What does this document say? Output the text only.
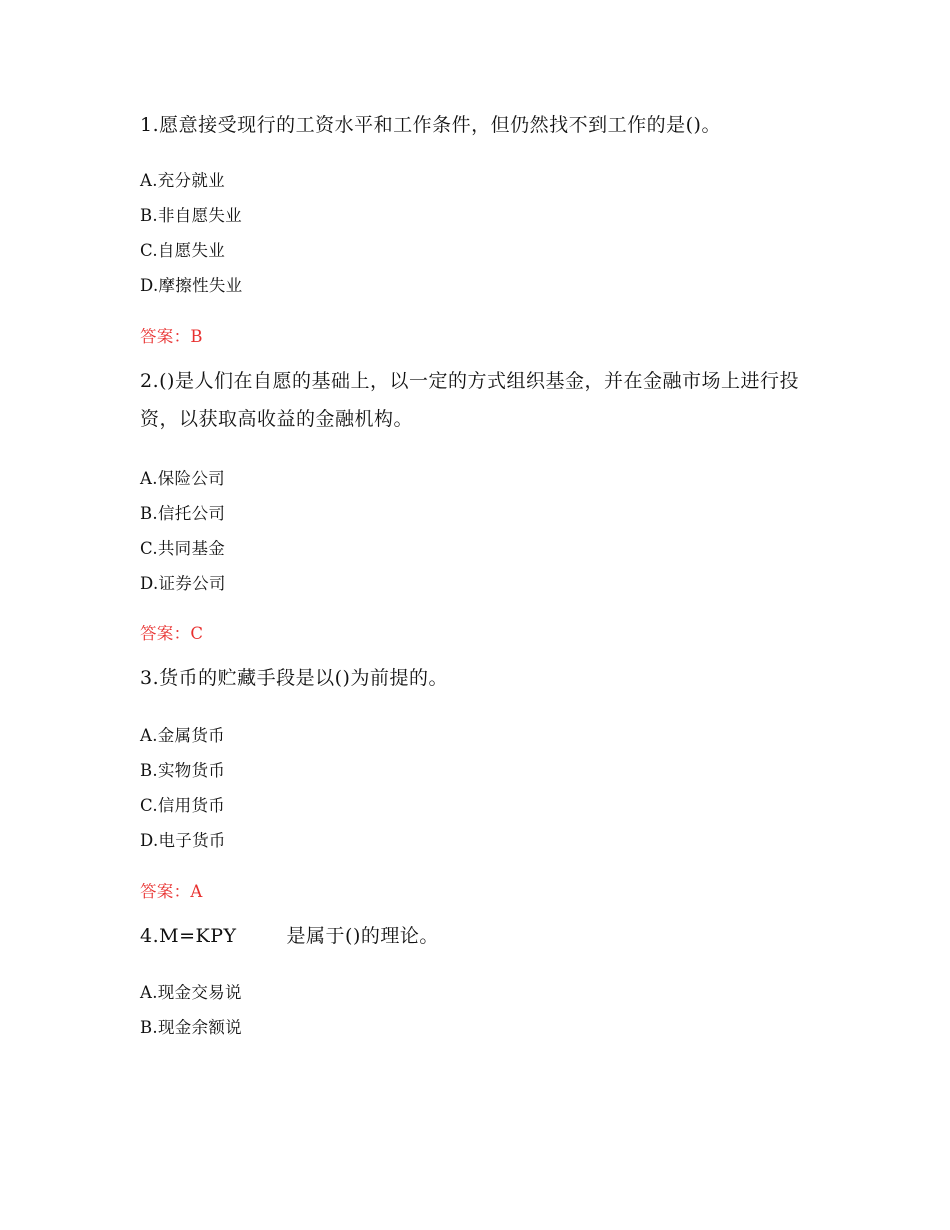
1.愿意接受现行的工资水平和工作条件，但仍然找不到工作的是()。
A.充分就业
B.非自愿失业
C.自愿失业
D.摩擦性失业
答案：B
2.()是人们在自愿的基础上，以一定的方式组织基金，并在金融市场上进行投资，以获取高收益的金融机构。
A.保险公司
B.信托公司
C.共同基金
D.证券公司
答案：C
3.货币的贮藏手段是以()为前提的。
A.金属货币
B.实物货币
C.信用货币
D.电子货币
答案：A
4.M=KPY	是属于()的理论。
A.现金交易说
B.现金余额说
